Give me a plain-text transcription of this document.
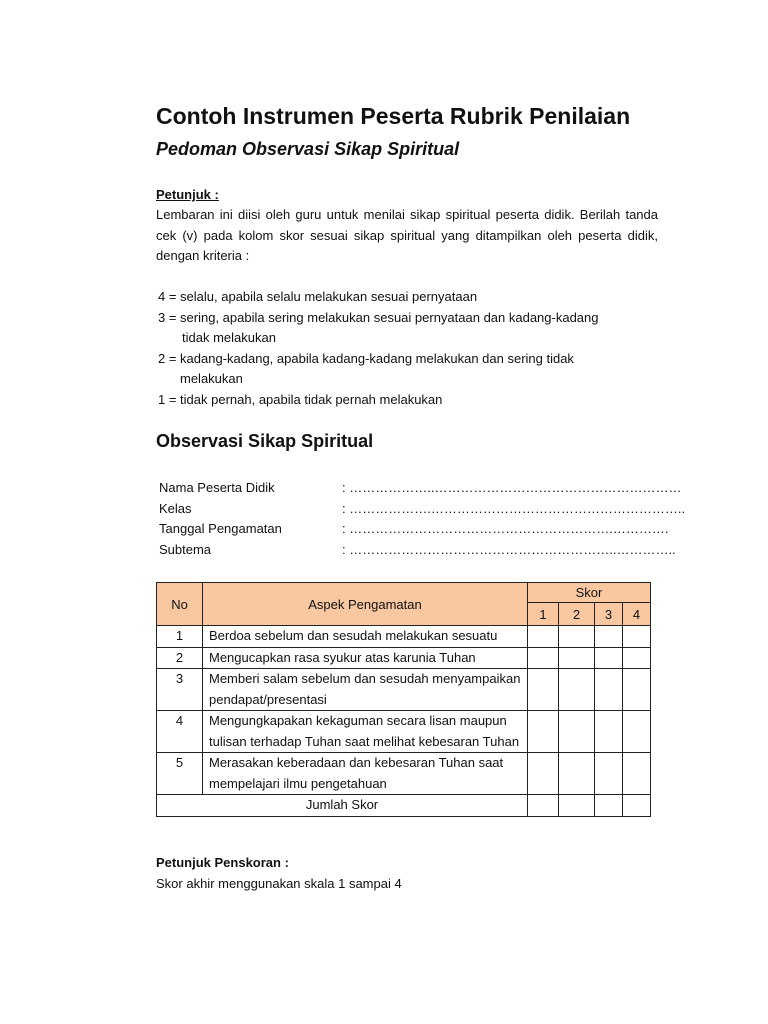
Contoh Instrumen Peserta Rubrik Penilaian
Pedoman Observasi Sikap Spiritual
Petunjuk :
Lembaran ini diisi oleh guru untuk menilai sikap spiritual peserta didik. Berilah tanda cek (v) pada kolom skor sesuai sikap spiritual yang ditampilkan oleh peserta didik, dengan kriteria :
4 = selalu, apabila selalu melakukan sesuai pernyataan
3 = sering, apabila sering melakukan sesuai pernyataan dan kadang-kadang
tidak melakukan
2 = kadang-kadang, apabila kadang-kadang melakukan dan sering tidak
melakukan
1 = tidak pernah, apabila tidak pernah melakukan
Observasi Sikap Spiritual
Nama Peserta Didik	: ………………..…………………………………………………
Kelas	: ……………….…………………………………………………..
Tanggal Pengamatan	: …………………………………………………….………….
Subtema	: ……………………………………………………..…………..
No	Aspek Pengamatan	Skor			
		1	2	3	4
1	Berdoa sebelum dan sesudah melakukan sesuatu				
2	Mengucapkan rasa syukur atas karunia Tuhan				
3	Memberi salam sebelum dan sesudah menyampaikan pendapat/presentasi				
4	Mengungkapakan kekaguman secara lisan maupun tulisan terhadap Tuhan saat melihat kebesaran Tuhan				
5	Merasakan keberadaan dan kebesaran Tuhan saat mempelajari ilmu pengetahuan				
Jumlah Skor					
Petunjuk Penskoran :
Skor akhir menggunakan skala 1 sampai 4
